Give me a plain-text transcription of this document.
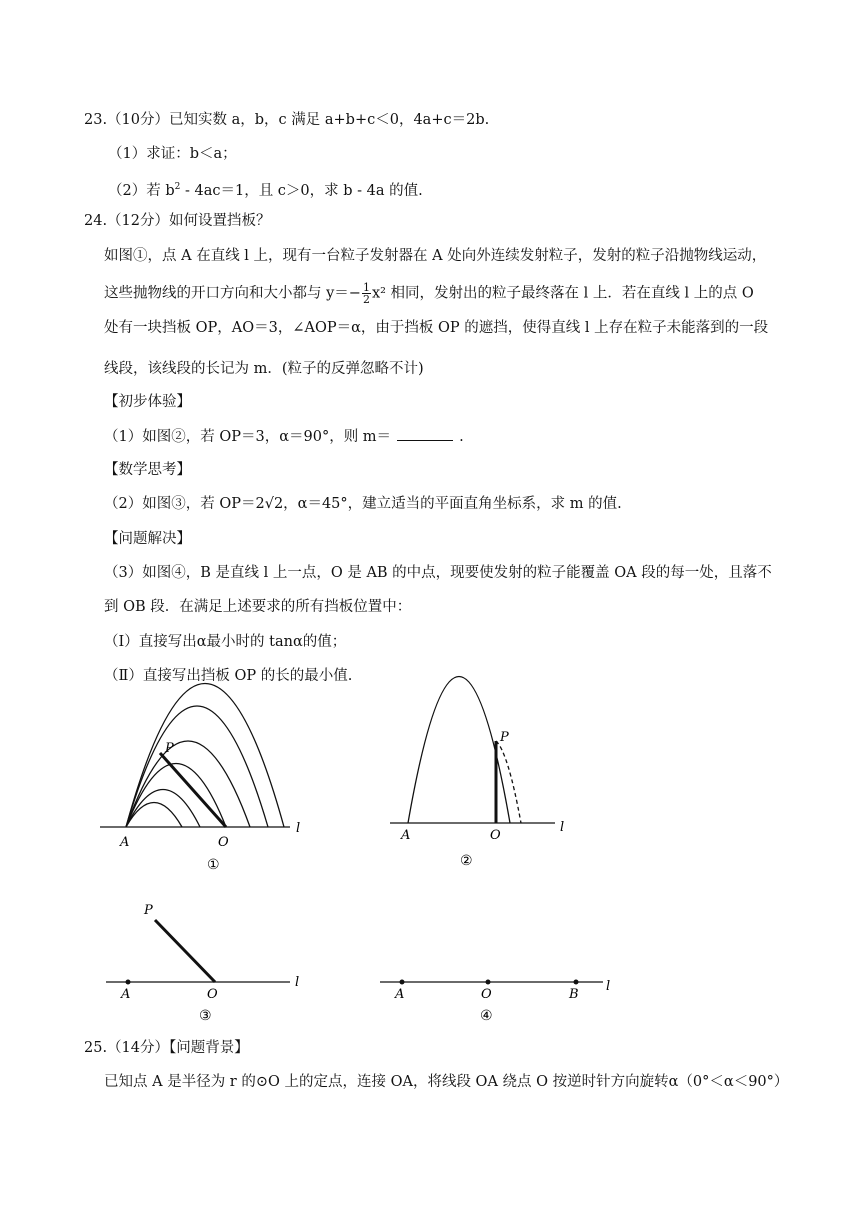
23.（10分）已知实数 a，b，c 满足 a+b+c＜0，4a+c＝2b.
（1）求证：b＜a；
（2）若 $b^2 - 4ac=1$，且 c＞0，求 b - 4a 的值.
24.（12分）如何设置挡板？
如图①，点 A 在直线 l 上，现有一台粒子发射器在 A 处向外连续发射粒子，发射的粒子沿抛物线运动，
这些抛物线的开口方向和大小都与 $y=- \frac{1}{2} x^2$ 相同，发射出的粒子最终落在 l 上．若在直线 l 上的点 O
处有一块挡板 OP，AO＝3，∠AOP＝α，由于挡板 OP 的遮挡，使得直线 l 上存在粒子未能落到的一段
线段，该线段的长记为 m．(粒子的反弹忽略不计)
【初步体验】
（1）如图②，若 OP＝3，α＝90°，则 m＝	.
【数学思考】
（2）如图③，若 OP＝2√2，α＝45°，建立适当的平面直角坐标系，求 m 的值.
【问题解决】
（3）如图④，B 是直线 l 上一点，O 是 AB 的中点，现要使发射的粒子能覆盖 OA 段的每一处，且落不
到 OB 段．在满足上述要求的所有挡板位置中：
（Ⅰ）直接写出α最小时的 tanα的值；
（Ⅱ）直接写出挡板 OP 的长的最小值.
A	O
P
l
①
A	O
P
l
②
A	O
P
l
③
A	O	B
l
④
25.（14分）【问题背景】
已知点 A 是半径为 r 的⊙O 上的定点，连接 OA，将线段 OA 绕点 O 按逆时针方向旋转α（0°＜α＜90°）
